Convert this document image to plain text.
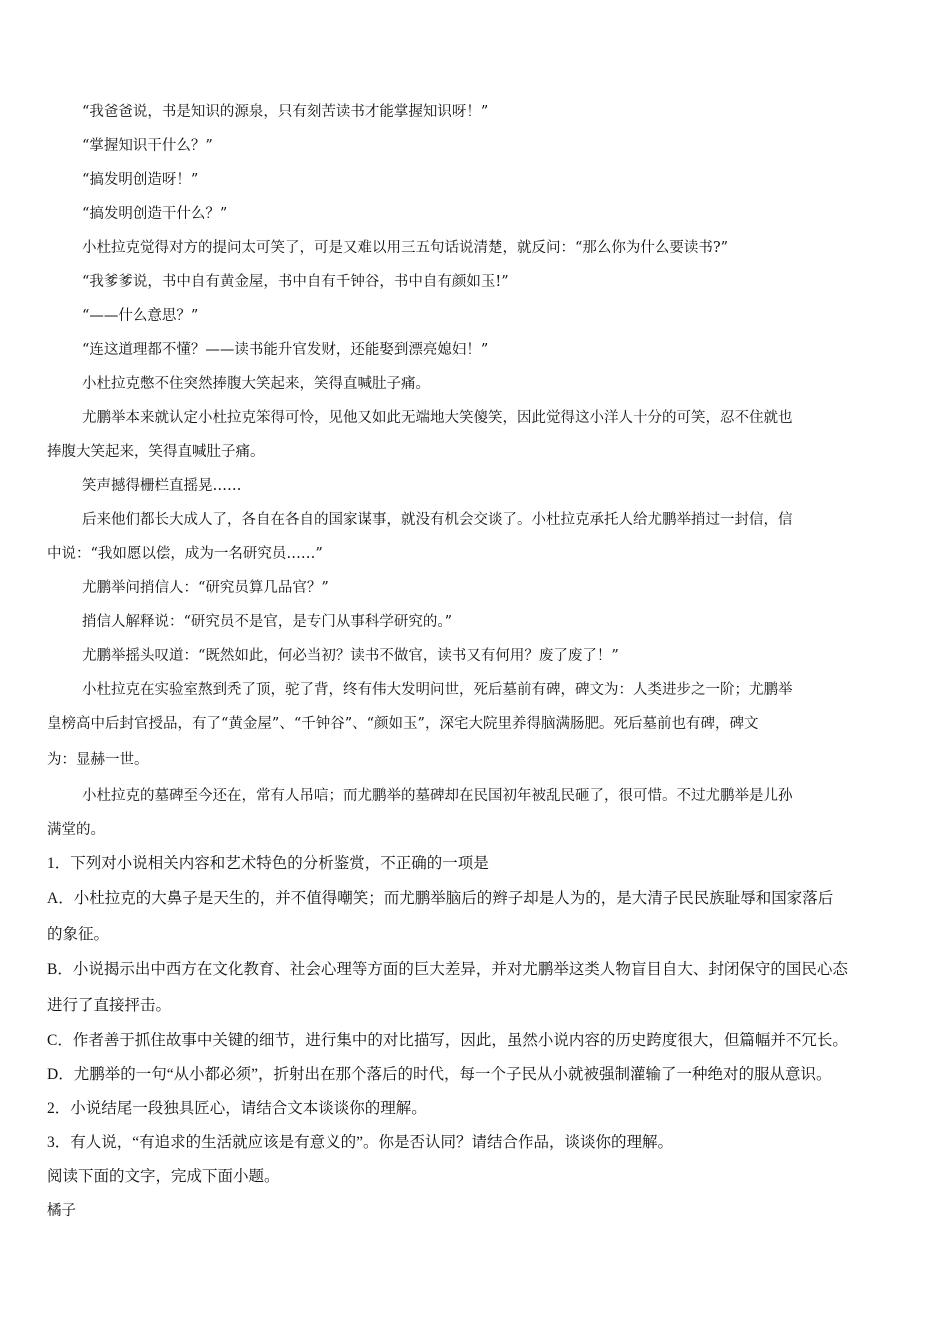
“我爸爸说，书是知识的源泉，只有刻苦读书才能掌握知识呀！”
“掌握知识干什么？”
“搞发明创造呀！”
“搞发明创造干什么？”
小杜拉克觉得对方的提问太可笑了，可是又难以用三五句话说清楚，就反问：“那么你为什么要读书?”
“我爹爹说，书中自有黄金屋，书中自有千钟谷，书中自有颜如玉!”
“——什么意思？”
“连这道理都不懂？——读书能升官发财，还能娶到漂亮媳妇！”
小杜拉克憋不住突然捧腹大笑起来，笑得直喊肚子痛。
尤鹏举本来就认定小杜拉克笨得可怜，见他又如此无端地大笑傻笑，因此觉得这小洋人十分的可笑，忍不住就也
捧腹大笑起来，笑得直喊肚子痛。
笑声撼得栅栏直摇晃……
后来他们都长大成人了，各自在各自的国家谋事，就没有机会交谈了。小杜拉克承托人给尤鹏举捎过一封信，信
中说：“我如愿以偿，成为一名研究员……”
尤鹏举问捎信人：“研究员算几品官？”
捎信人解释说：“研究员不是官，是专门从事科学研究的。”
尤鹏举摇头叹道：“既然如此，何必当初？读书不做官，读书又有何用？废了废了！”
小杜拉克在实验室熬到秃了顶，驼了背，终有伟大发明问世，死后墓前有碑，碑文为：人类进步之一阶；尤鹏举
皇榜高中后封官授品，有了“黄金屋”、“千钟谷”、“颜如玉”，深宅大院里养得脑满肠肥。死后墓前也有碑，碑文
为：显赫一世。
小杜拉克的墓碑至今还在，常有人吊唁；而尤鹏举的墓碑却在民国初年被乱民砸了，很可惜。不过尤鹏举是儿孙
满堂的。
1．下列对小说相关内容和艺术特色的分析鉴赏，不正确的一项是
A．小杜拉克的大鼻子是天生的，并不值得嘲笑；而尤鹏举脑后的辫子却是人为的，是大清子民民族耻辱和国家落后
的象征。
B．小说揭示出中西方在文化教育、社会心理等方面的巨大差异，并对尤鹏举这类人物盲目自大、封闭保守的国民心态
进行了直接抨击。
C．作者善于抓住故事中关键的细节，进行集中的对比描写，因此，虽然小说内容的历史跨度很大，但篇幅并不冗长。
D．尤鹏举的一句“从小都必须”，折射出在那个落后的时代，每一个子民从小就被强制灌输了一种绝对的服从意识。
2．小说结尾一段独具匠心，请结合文本谈谈你的理解。
3．有人说，“有追求的生活就应该是有意义的”。你是否认同？请结合作品，谈谈你的理解。
阅读下面的文字，完成下面小题。
橘子
